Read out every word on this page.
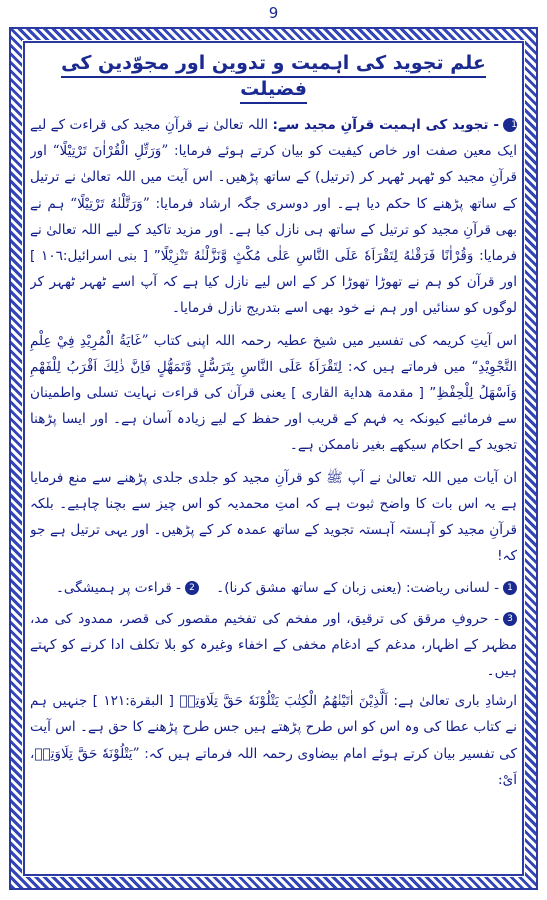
9
علم تجوید کی اہمیت و تدوین اور مجوّدین کی فضیلت

1- تجوید کی اہمیت قرآنِ مجید سے: اللہ تعالیٰ نے قرآنِ مجید کی قراءت کے لیے ایک معین صفت اور خاص کیفیت کو بیان کرتے ہوئے فرمایا: ”وَرَتِّلِ الْقُرْاٰنَ تَرْتِيْلًا“ اور قرآنِ مجید کو ٹھہر ٹھہر کر (ترتیل) کے ساتھ پڑھیں۔ اس آیت میں اللہ تعالیٰ نے ترتیل کے ساتھ پڑھنے کا حکم دیا ہے۔ اور دوسری جگہ ارشاد فرمایا: ”وَرَتَّلْنٰهُ تَرْتِيْلًا“ ہم نے بھی قرآنِ مجید کو ترتیل کے ساتھ ہی نازل کیا ہے۔ اور مزید تاکید کے لیے اللہ تعالیٰ نے فرمایا: وَقُرْاٰنًا فَرَقْنٰهُ لِتَقْرَاَهٗ عَلَى النَّاسِ عَلٰى مُكْثٍ وَّنَزَّلْنٰهُ تَنْزِيْلًا” [ بنی اسرائیل:١٠٦ ] اور قرآن کو ہم نے تھوڑا تھوڑا کر کے اس لیے نازل کیا ہے کہ آپ اسے ٹھہر ٹھہر کر لوگوں کو سنائیں اور ہم نے خود بھی اسے بتدریج نازل فرمایا۔

اس آیتِ کریمہ کی تفسیر میں شیخ عطیہ رحمہ اللہ اپنی کتاب ”غَايَةُ الْمُرِيْدِ فِيْ عِلْمِ التَّجْوِيْدِ“ میں فرماتے ہیں کہ: لِتَقْرَاَهٗ عَلَى النَّاسِ بِتَرَسُّلٍ وَّتَمَهُّلٍ فَاِنَّ ذٰلِكَ اَقْرَبُ لِلْفَهْمِ وَاَسْهَلُ لِلْحِفْظِ” [ مقدمة هداية القاری ] یعنی قرآن کی قراءت نہایت تسلی واطمینان سے فرمائیے کیونکہ یہ فہم کے قریب اور حفظ کے لیے زیادہ آسان ہے۔ اور ایسا پڑھنا تجوید کے احکام سیکھے بغیر ناممکن ہے۔

ان آیات میں اللہ تعالیٰ نے آپ ﷺ کو قرآنِ مجید کو جلدی جلدی پڑھنے سے منع فرمایا ہے یہ اس بات کا واضح ثبوت ہے کہ امتِ محمدیہ کو اس چیز سے بچنا چاہیے۔ بلکہ قرآنِ مجید کو آہستہ آہستہ تجوید کے ساتھ عمدہ کر کے پڑھیں۔ اور یہی ترتیل ہے جو کہ!

1- لسانی ریاضت: (یعنی زبان کے ساتھ مشق کرنا)۔    2- قراءت پر ہمیشگی۔
3- حروفِ مرقق کی ترقیق، اور مفخم کی تفخیم مقصور کی قصر، ممدود کی مد، مظہر کے اظہار، مدغم کے ادغام مخفی کے اخفاء وغیرہ کو بلا تکلف ادا کرنے کو کہتے ہیں۔

ارشادِ باری تعالیٰ ہے: اَلَّذِيْنَ اٰتَيْنٰهُمُ الْكِتٰبَ يَتْلُوْنَهٗ حَقَّ تِلَاوَتِهٖ [ البقرة:١٢١ ] جنہیں ہم نے کتاب عطا کی وہ اس کو اس طرح پڑھتے ہیں جس طرح پڑھنے کا حق ہے۔ اس آیت کی تفسیر بیان کرتے ہوئے امام بیضاوی رحمہ اللہ فرماتے ہیں کہ: ”يَتْلُوْنَهٗ حَقَّ تِلَاوَتِهٖ، اَیْ:
